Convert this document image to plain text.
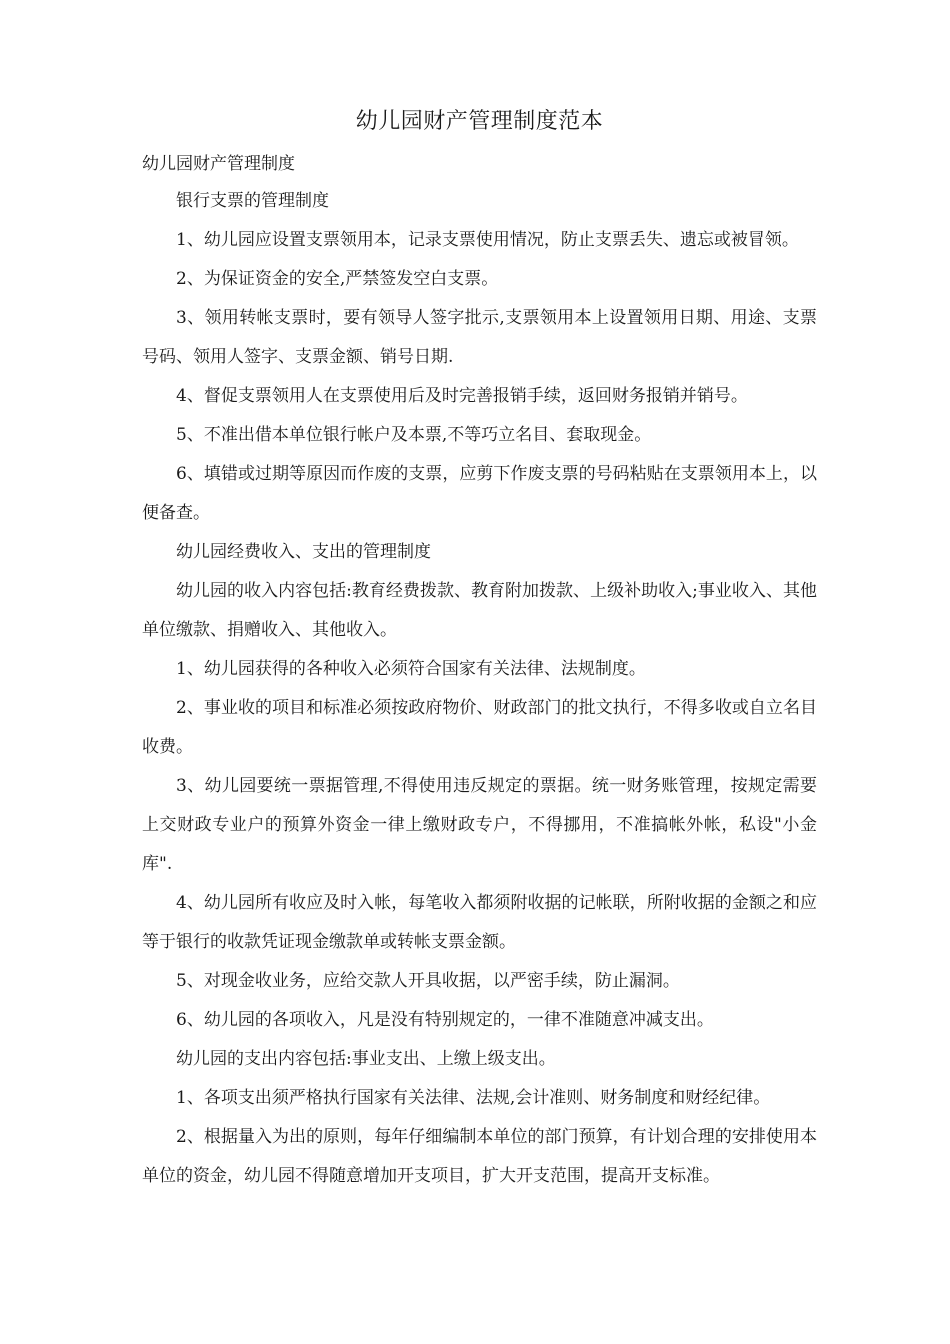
幼儿园财产管理制度范本

幼儿园财产管理制度

银行支票的管理制度

1、幼儿园应设置支票领用本，记录支票使用情况，防止支票丢失、遗忘或被冒领。

2、为保证资金的安全,严禁签发空白支票。

3、领用转帐支票时，要有领导人签字批示,支票领用本上设置领用日期、用途、支票号码、领用人签字、支票金额、销号日期.

4、督促支票领用人在支票使用后及时完善报销手续，返回财务报销并销号。

5、不准出借本单位银行帐户及本票,不等巧立名目、套取现金。

6、填错或过期等原因而作废的支票，应剪下作废支票的号码粘贴在支票领用本上，以便备查。

幼儿园经费收入、支出的管理制度

幼儿园的收入内容包括:教育经费拨款、教育附加拨款、上级补助收入;事业收入、其他单位缴款、捐赠收入、其他收入。

1、幼儿园获得的各种收入必须符合国家有关法律、法规制度。

2、事业收的项目和标准必须按政府物价、财政部门的批文执行，不得多收或自立名目收费。

3、幼儿园要统一票据管理,不得使用违反规定的票据。统一财务账管理，按规定需要上交财政专业户的预算外资金一律上缴财政专户，不得挪用，不准搞帐外帐，私设"小金库".

4、幼儿园所有收应及时入帐，每笔收入都须附收据的记帐联，所附收据的金额之和应等于银行的收款凭证现金缴款单或转帐支票金额。

5、对现金收业务，应给交款人开具收据，以严密手续，防止漏洞。

6、幼儿园的各项收入，凡是没有特别规定的，一律不准随意冲减支出。

幼儿园的支出内容包括:事业支出、上缴上级支出。

1、各项支出须严格执行国家有关法律、法规,会计准则、财务制度和财经纪律。

2、根据量入为出的原则，每年仔细编制本单位的部门预算，有计划合理的安排使用本单位的资金，幼儿园不得随意增加开支项目，扩大开支范围，提高开支标准。
